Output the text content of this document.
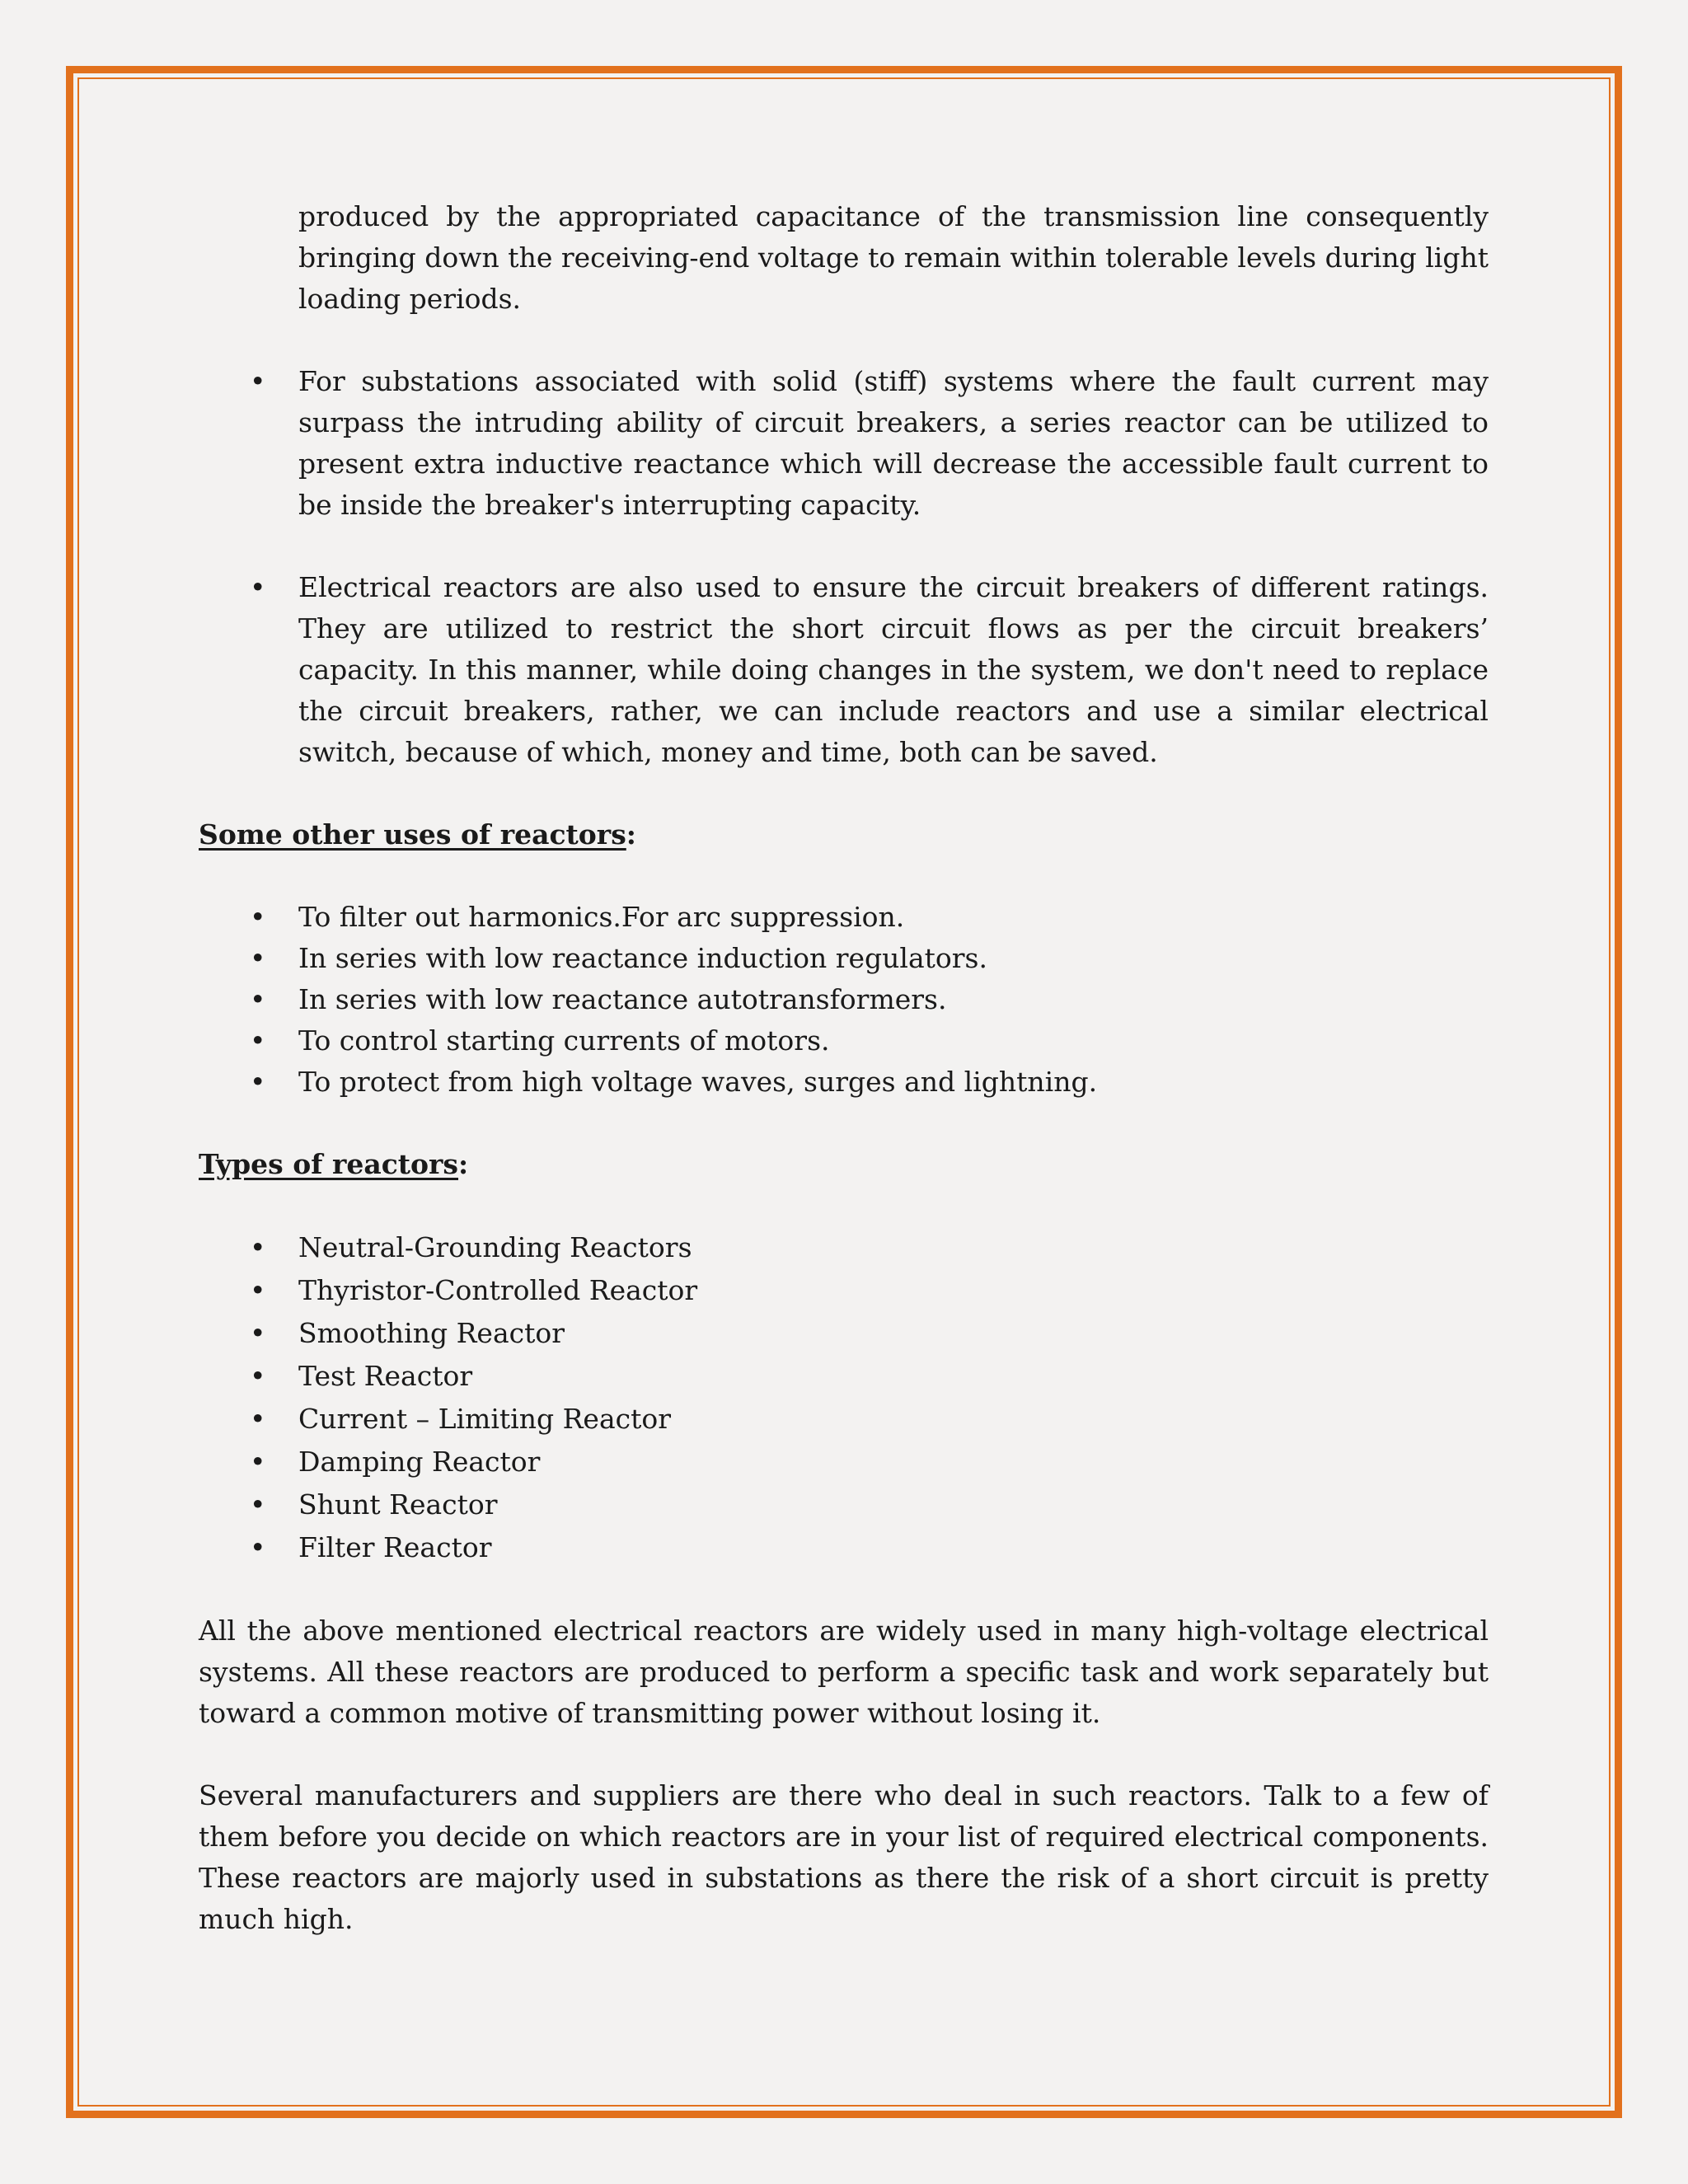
produced by the appropriated capacitance of the transmission line consequently bringing down the receiving-end voltage to remain within tolerable levels during light loading periods.

• For substations associated with solid (stiff) systems where the fault current may surpass the intruding ability of circuit breakers, a series reactor can be utilized to present extra inductive reactance which will decrease the accessible fault current to be inside the breaker's interrupting capacity.
• Electrical reactors are also used to ensure the circuit breakers of different ratings. They are utilized to restrict the short circuit flows as per the circuit breakers’ capacity. In this manner, while doing changes in the system, we don't need to replace the circuit breakers, rather, we can include reactors and use a similar electrical switch, because of which, money and time, both can be saved.

Some other uses of reactors:

• To filter out harmonics.For arc suppression.
• In series with low reactance induction regulators.
• In series with low reactance autotransformers.
• To control starting currents of motors.
• To protect from high voltage waves, surges and lightning.

Types of reactors:

• Neutral-Grounding Reactors
• Thyristor-Controlled Reactor
• Smoothing Reactor
• Test Reactor
• Current – Limiting Reactor
• Damping Reactor
• Shunt Reactor
• Filter Reactor

All the above mentioned electrical reactors are widely used in many high-voltage electrical systems. All these reactors are produced to perform a specific task and work separately but toward a common motive of transmitting power without losing it.

Several manufacturers and suppliers are there who deal in such reactors. Talk to a few of them before you decide on which reactors are in your list of required electrical components. These reactors are majorly used in substations as there the risk of a short circuit is pretty much high.
